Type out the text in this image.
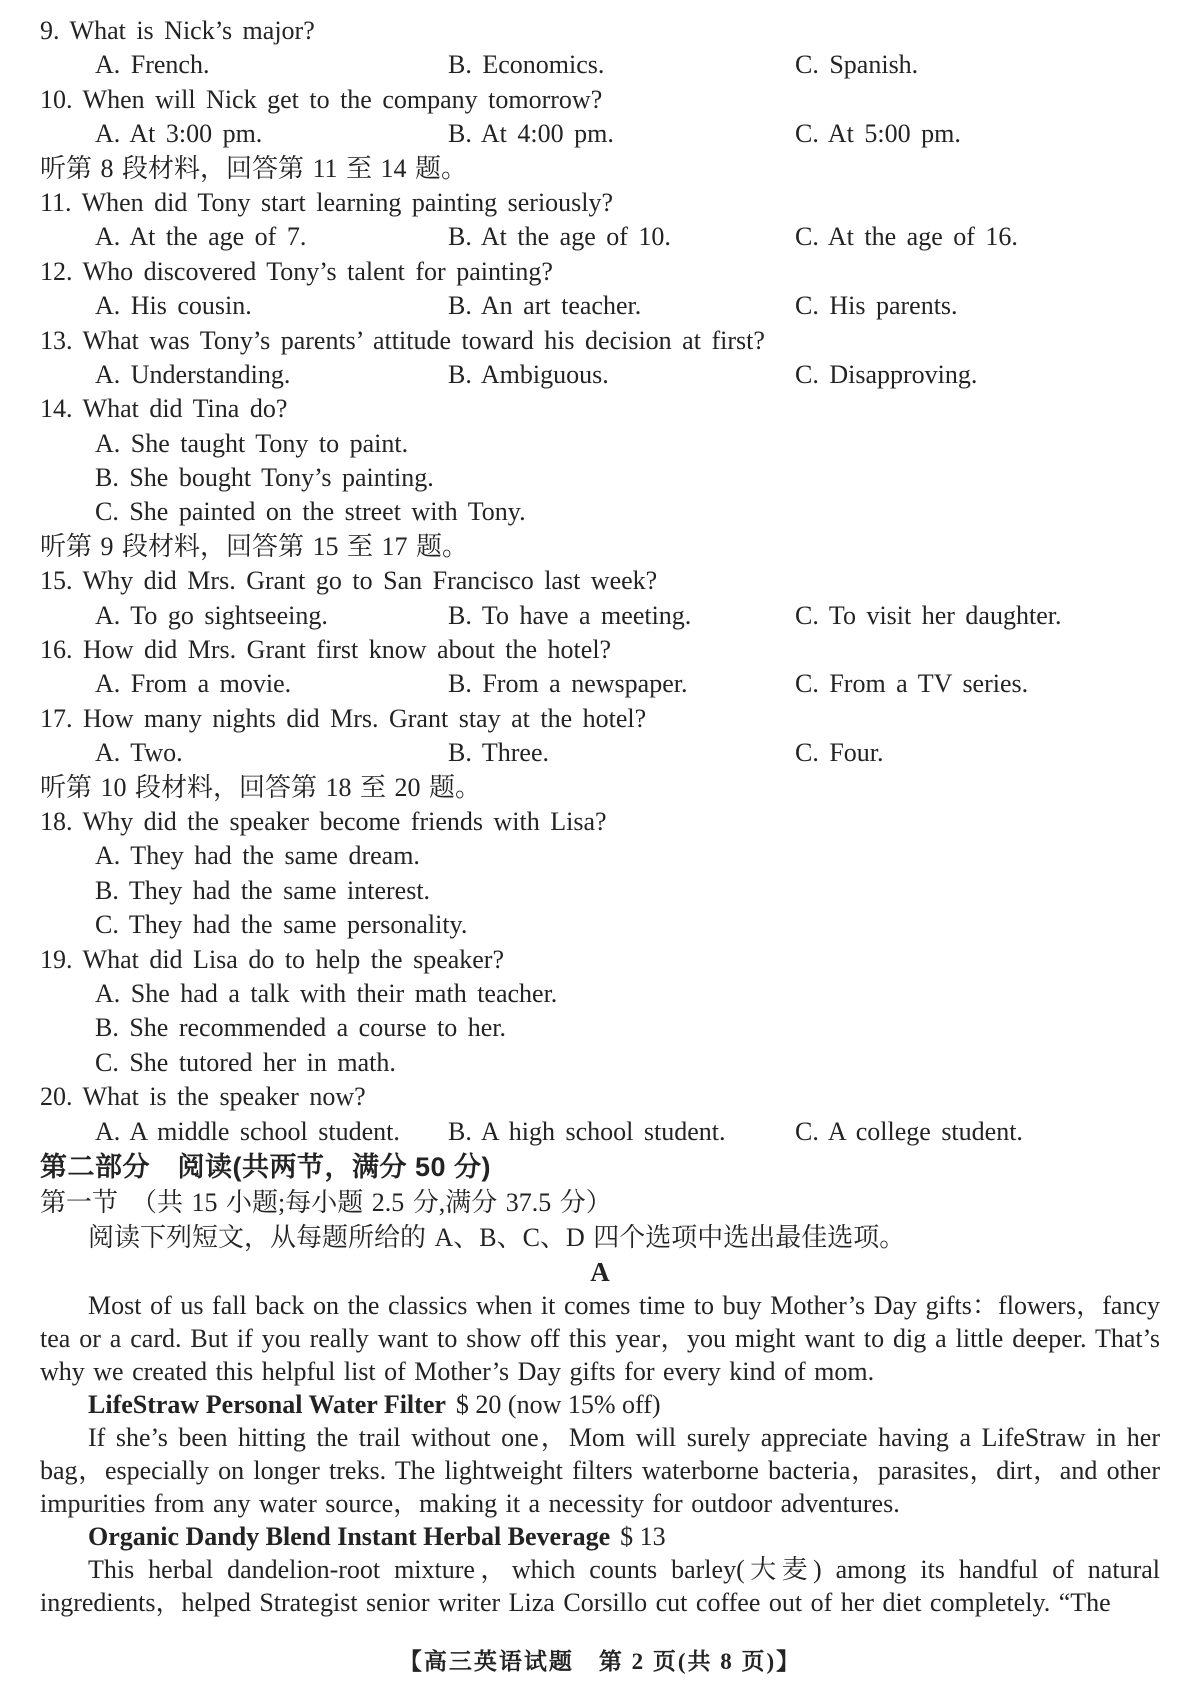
9. What is Nick’s major?
A. French.	B. Economics.	C. Spanish.
10. When will Nick get to the company tomorrow?
A. At 3:00 pm.	B. At 4:00 pm.	C. At 5:00 pm.
听第 8 段材料，回答第 11 至 14 题。
11. When did Tony start learning painting seriously?
A. At the age of 7.	B. At the age of 10.	C. At the age of 16.
12. Who discovered Tony’s talent for painting?
A. His cousin.	B. An art teacher.	C. His parents.
13. What was Tony’s parents’ attitude toward his decision at first?
A. Understanding.	B. Ambiguous.	C. Disapproving.
14. What did Tina do?
A. She taught Tony to paint.
B. She bought Tony’s painting.
C. She painted on the street with Tony.
听第 9 段材料，回答第 15 至 17 题。
15. Why did Mrs. Grant go to San Francisco last week?
A. To go sightseeing.	B. To have a meeting.	C. To visit her daughter.
16. How did Mrs. Grant first know about the hotel?
A. From a movie.	B. From a newspaper.	C. From a TV series.
17. How many nights did Mrs. Grant stay at the hotel?
A. Two.	B. Three.	C. Four.
听第 10 段材料，回答第 18 至 20 题。
18. Why did the speaker become friends with Lisa?
A. They had the same dream.
B. They had the same interest.
C. They had the same personality.
19. What did Lisa do to help the speaker?
A. She had a talk with their math teacher.
B. She recommended a course to her.
C. She tutored her in math.
20. What is the speaker now?
A. A middle school student. B. A high school student.	C. A college student.
第二部分　阅读(共两节，满分 50 分)
第一节　（共 15 小题;每小题 2.5 分,满分 37.5 分）
阅读下列短文，从每题所给的 A、B、C、D 四个选项中选出最佳选项。
A

Most of us fall back on the classics when it comes time to buy Mother’s Day gifts：flowers，fancy tea or a card. But if you really want to show off this year，you might want to dig a little deeper. That’s why we created this helpful list of Mother’s Day gifts for every kind of mom.

LifeStraw Personal Water Filter $ 20 (now 15% off)

If she’s been hitting the trail without one，Mom will surely appreciate having a LifeStraw in her bag，especially on longer treks. The lightweight filters waterborne bacteria，parasites，dirt，and other impurities from any water source，making it a necessity for outdoor adventures.

Organic Dandy Blend Instant Herbal Beverage $ 13

This herbal dandelion-root mixture，which counts barley(大麦) among its handful of natural ingredients，helped Strategist senior writer Liza Corsillo cut coffee out of her diet completely. “The

【高三英语试题　第 2 页(共 8 页)】
